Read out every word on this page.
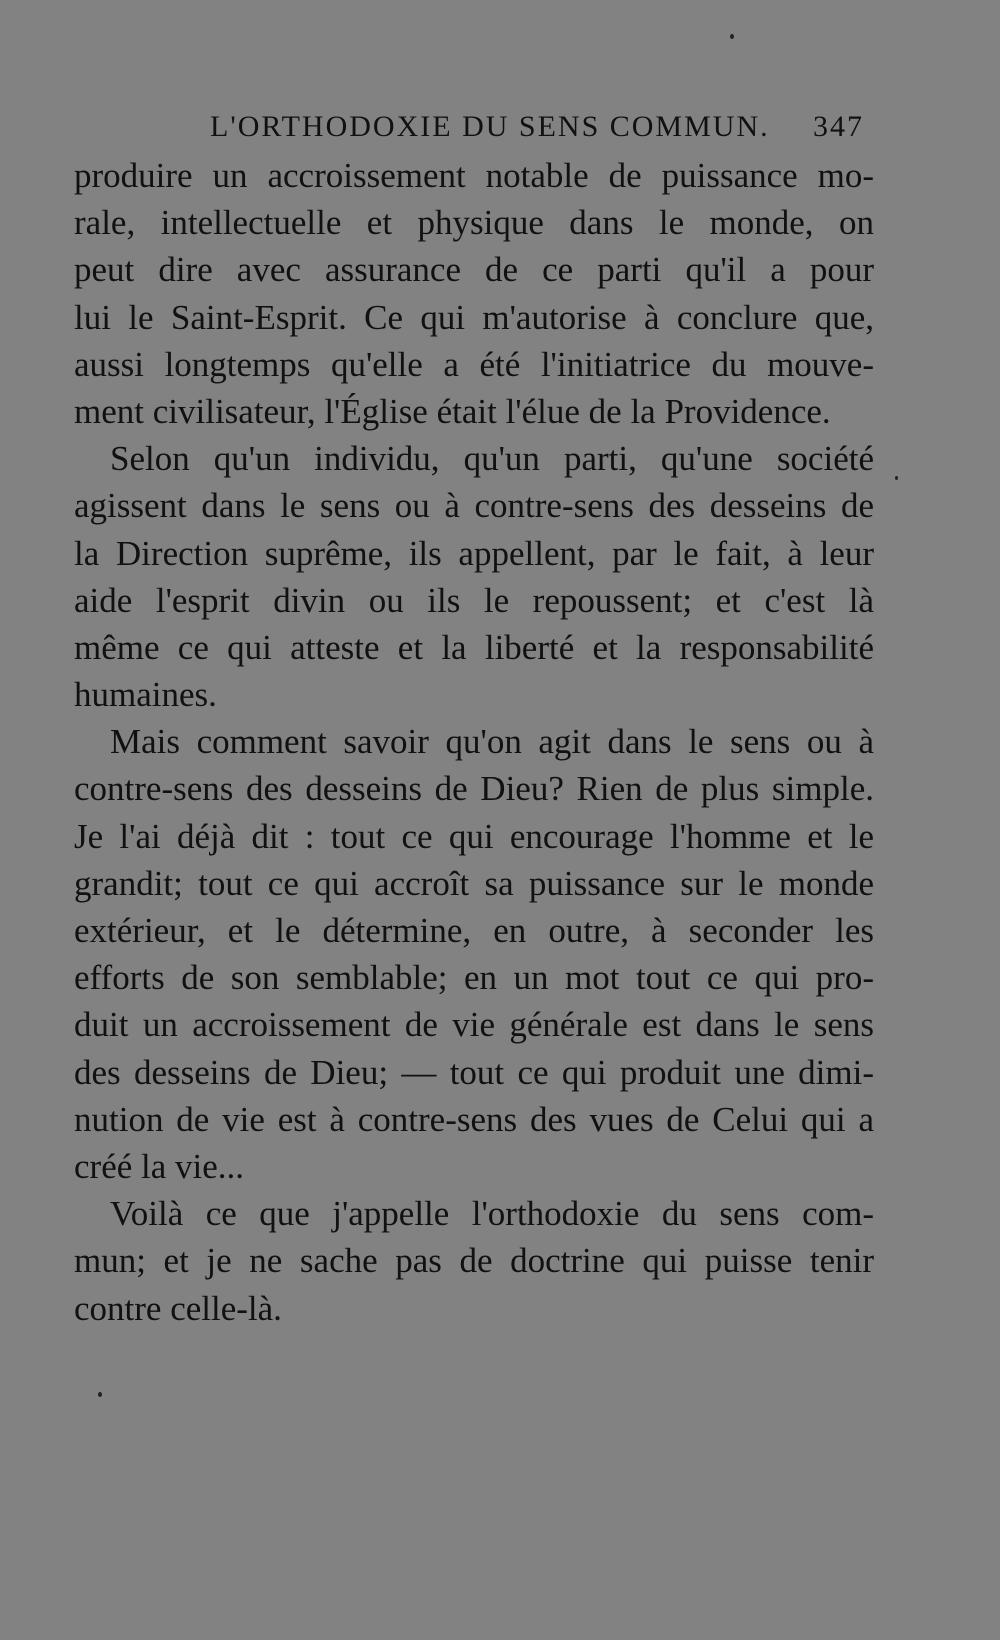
L'ORTHODOXIE DU SENS COMMUN. 347
produire un accroissement notable de puissance mo-
rale, intellectuelle et physique dans le monde, on
peut dire avec assurance de ce parti qu'il a pour
lui le Saint-Esprit. Ce qui m'autorise à conclure que,
aussi longtemps qu'elle a été l'initiatrice du mouve-
ment civilisateur, l'Église était l'élue de la Providence.
Selon qu'un individu, qu'un parti, qu'une société
agissent dans le sens ou à contre-sens des desseins de
la Direction suprême, ils appellent, par le fait, à leur
aide l'esprit divin ou ils le repoussent; et c'est là
même ce qui atteste et la liberté et la responsabilité
humaines.
Mais comment savoir qu'on agit dans le sens ou à
contre-sens des desseins de Dieu? Rien de plus simple.
Je l'ai déjà dit : tout ce qui encourage l'homme et le
grandit; tout ce qui accroît sa puissance sur le monde
extérieur, et le détermine, en outre, à seconder les
efforts de son semblable; en un mot tout ce qui pro-
duit un accroissement de vie générale est dans le sens
des desseins de Dieu; — tout ce qui produit une dimi-
nution de vie est à contre-sens des vues de Celui qui a
créé la vie...
Voilà ce que j'appelle l'orthodoxie du sens com-
mun; et je ne sache pas de doctrine qui puisse tenir
contre celle-là.
